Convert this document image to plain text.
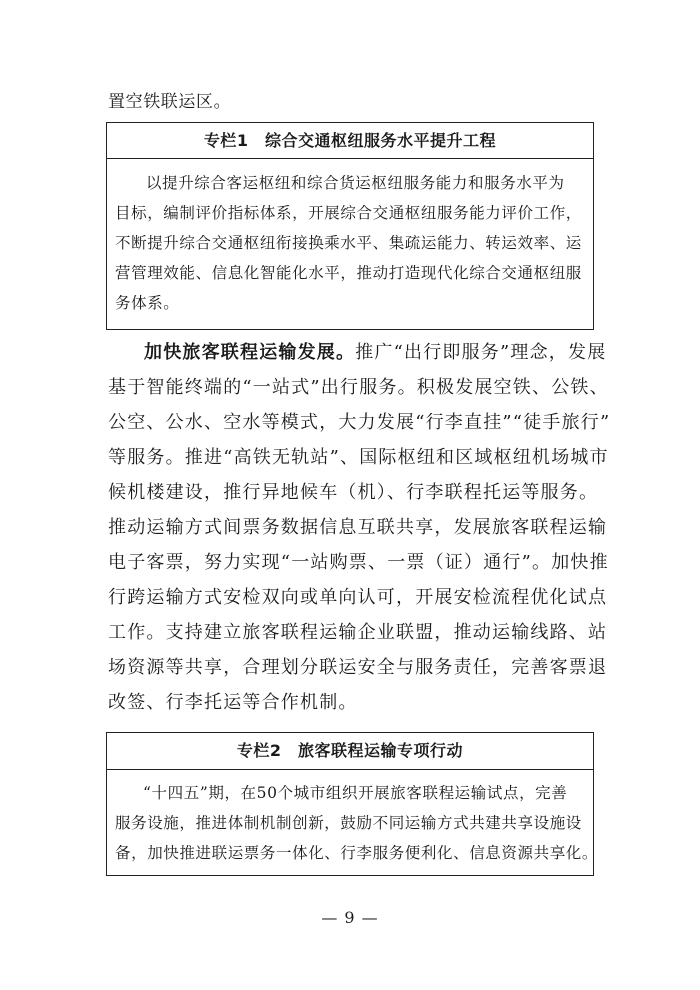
置空铁联运区。
专栏1　综合交通枢纽服务水平提升工程
以提升综合客运枢纽和综合货运枢纽服务能力和服务水平为
目标，编制评价指标体系，开展综合交通枢纽服务能力评价工作，
不断提升综合交通枢纽衔接换乘水平、集疏运能力、转运效率、运
营管理效能、信息化智能化水平，推动打造现代化综合交通枢纽服
务体系。
加快旅客联程运输发展。推广“出行即服务”理念，发展
基于智能终端的“一站式”出行服务。积极发展空铁、公铁、
公空、公水、空水等模式，大力发展“行李直挂”“徒手旅行”
等服务。推进“高铁无轨站”、国际枢纽和区域枢纽机场城市
候机楼建设，推行异地候车（机）、行李联程托运等服务。
推动运输方式间票务数据信息互联共享，发展旅客联程运输
电子客票，努力实现“一站购票、一票（证）通行”。加快推
行跨运输方式安检双向或单向认可，开展安检流程优化试点
工作。支持建立旅客联程运输企业联盟，推动运输线路、站
场资源等共享，合理划分联运安全与服务责任，完善客票退
改签、行李托运等合作机制。
专栏2　旅客联程运输专项行动
“十四五”期，在50个城市组织开展旅客联程运输试点，完善
服务设施，推进体制机制创新，鼓励不同运输方式共建共享设施设
备，加快推进联运票务一体化、行李服务便利化、信息资源共享化。
— 9 —
